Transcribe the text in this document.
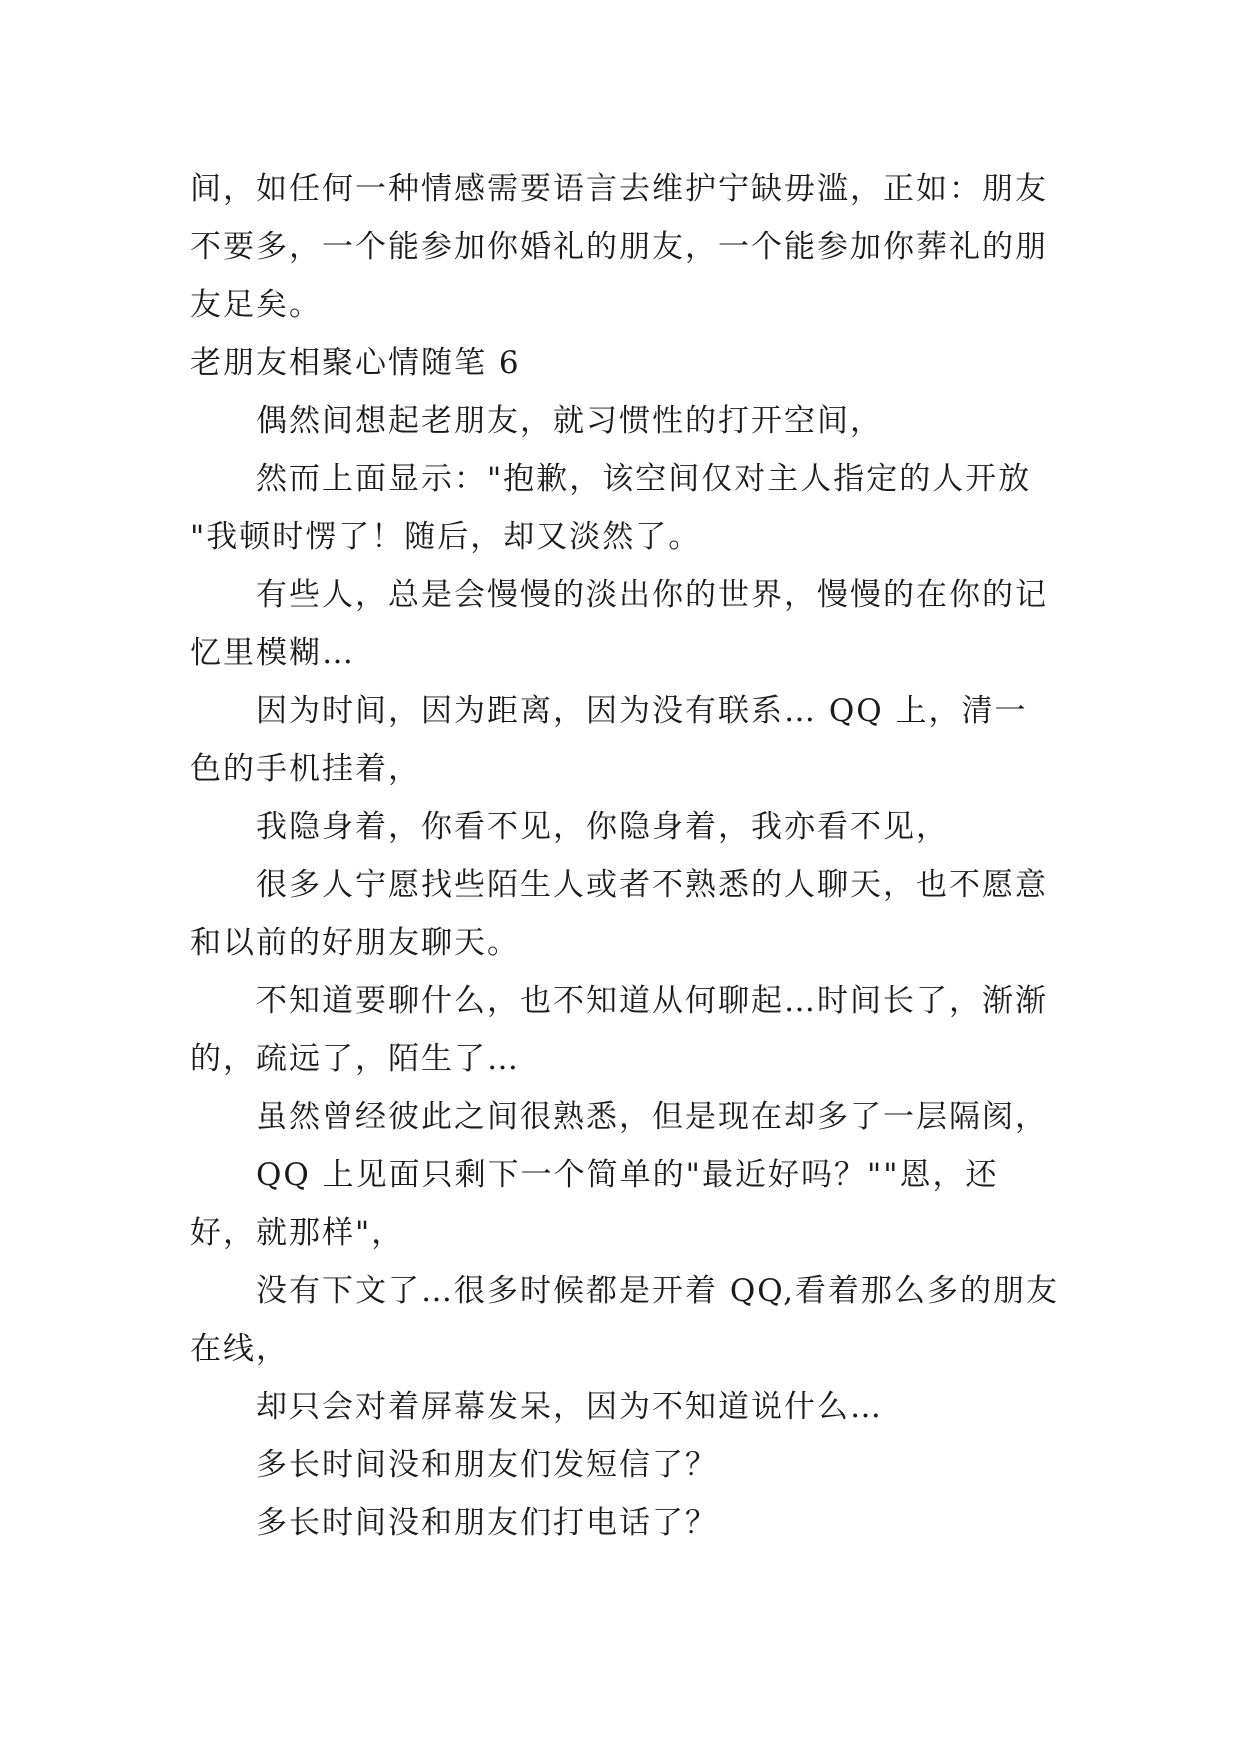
间，如任何一种情感需要语言去维护宁缺毋滥，正如：朋友不要多，一个能参加你婚礼的朋友，一个能参加你葬礼的朋友足矣。

老朋友相聚心情随笔 6

偶然间想起老朋友，就习惯性的打开空间，

然而上面显示："抱歉，该空间仅对主人指定的人开放 "我顿时愣了！随后，却又淡然了。

有些人，总是会慢慢的淡出你的世界，慢慢的在你的记忆里模糊…

因为时间，因为距离，因为没有联系… QQ 上，清一色的手机挂着，

我隐身着，你看不见，你隐身着，我亦看不见，

很多人宁愿找些陌生人或者不熟悉的人聊天，也不愿意和以前的好朋友聊天。

不知道要聊什么，也不知道从何聊起…时间长了，渐渐的，疏远了，陌生了…

虽然曾经彼此之间很熟悉，但是现在却多了一层隔阂，

QQ 上见面只剩下一个简单的"最近好吗？""恩，还好，就那样"，

没有下文了…很多时候都是开着 QQ,看着那么多的朋友在线，

却只会对着屏幕发呆，因为不知道说什么…

多长时间没和朋友们发短信了？

多长时间没和朋友们打电话了？
